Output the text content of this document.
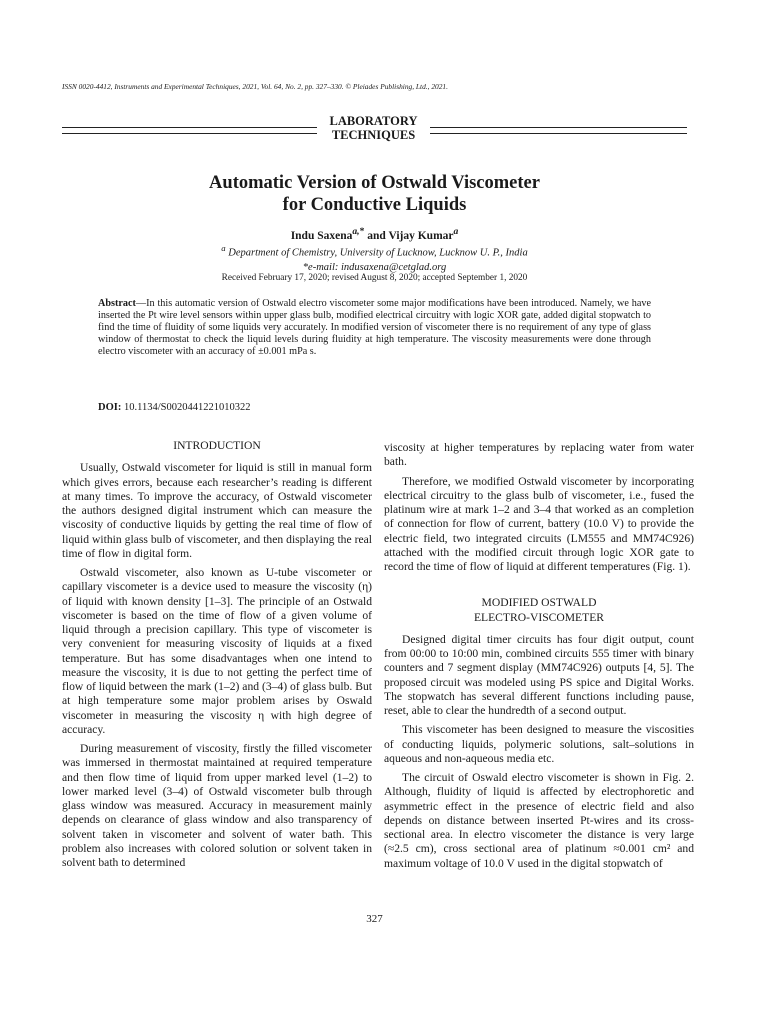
ISSN 0020-4412, Instruments and Experimental Techniques, 2021, Vol. 64, No. 2, pp. 327–330. © Pleiades Publishing, Ltd., 2021.
LABORATORY
TECHNIQUES
Automatic Version of Ostwald Viscometer
for Conductive Liquids
Indu Saxena$^{a,*}$ and Vijay Kumar$^a$
$^a$ Department of Chemistry, University of Lucknow, Lucknow U. P., India
*e-mail: indusaxena@cetglad.org
Received February 17, 2020; revised August 8, 2020; accepted September 1, 2020
Abstract—In this automatic version of Ostwald electro viscometer some major modifications have been introduced. Namely, we have inserted the Pt wire level sensors within upper glass bulb, modified electrical circuitry with logic XOR gate, added digital stopwatch to find the time of fluidity of some liquids very accurately. In modified version of viscometer there is no requirement of any type of glass window of thermostat to check the liquid levels during fluidity at high temperature. The viscosity measurements were done through electro viscometer with an accuracy of ±0.001 mPa s.
DOI: 10.1134/S0020441221010322
INTRODUCTION

Usually, Ostwald viscometer for liquid is still in manual form which gives errors, because each researcher’s reading is different at many times. To improve the accuracy, of Ostwald viscometer the authors designed digital instrument which can measure the viscosity of conductive liquids by getting the real time of flow of liquid within glass bulb of viscometer, and then displaying the real time of flow in digital form.

Ostwald viscometer, also known as U-tube viscometer or capillary viscometer is a device used to measure the viscosity (η) of liquid with known density [1–3]. The principle of an Ostwald viscometer is based on the time of flow of a given volume of liquid through a precision capillary. This type of viscometer is very convenient for measuring viscosity of liquids at a fixed temperature. But has some disadvantages when one intend to measure the viscosity, it is due to not getting the perfect time of flow of liquid between the mark (1–2) and (3–4) of glass bulb. But at high temperature some major problem arises by Oswald viscometer in measuring the viscosity η with high degree of accuracy.

During measurement of viscosity, firstly the filled viscometer was immersed in thermostat maintained at required temperature and then flow time of liquid from upper marked level (1–2) to lower marked level (3–4) of Ostwald viscometer bulb through glass window was measured. Accuracy in measurement mainly depends on clearance of glass window and also transparency of solvent taken in viscometer and solvent of water bath. This problem also increases with colored solution or solvent taken in solvent bath to determined

viscosity at higher temperatures by replacing water from water bath.

Therefore, we modified Ostwald viscometer by incorporating electrical circuitry to the glass bulb of viscometer, i.e., fused the platinum wire at mark 1–2 and 3–4 that worked as an completion of connection for flow of current, battery (10.0 V) to provide the electric field, two integrated circuits (LM555 and MM74C926) attached with the modified circuit through logic XOR gate to record the time of flow of liquid at different temperatures (Fig. 1).

MODIFIED OSTWALD
ELECTRO-VISCOMETER

Designed digital timer circuits has four digit output, count from 00:00 to 10:00 min, combined circuits 555 timer with binary counters and 7 segment display (MM74C926) outputs [4, 5]. The proposed circuit was modeled using PS spice and Digital Works. The stopwatch has several different functions including pause, reset, able to clear the hundredth of a second output.

This viscometer has been designed to measure the viscosities of conducting liquids, polymeric solutions, salt–solutions in aqueous and non-aqueous media etc.

The circuit of Oswald electro viscometer is shown in Fig. 2. Although, fluidity of liquid is affected by electrophoretic and asymmetric effect in the presence of electric field and also depends on distance between inserted Pt-wires and its cross-sectional area. In electro viscometer the distance is very large (≈2.5 cm), cross sectional area of platinum ≈0.001 cm² and maximum voltage of 10.0 V used in the digital stopwatch of

327
